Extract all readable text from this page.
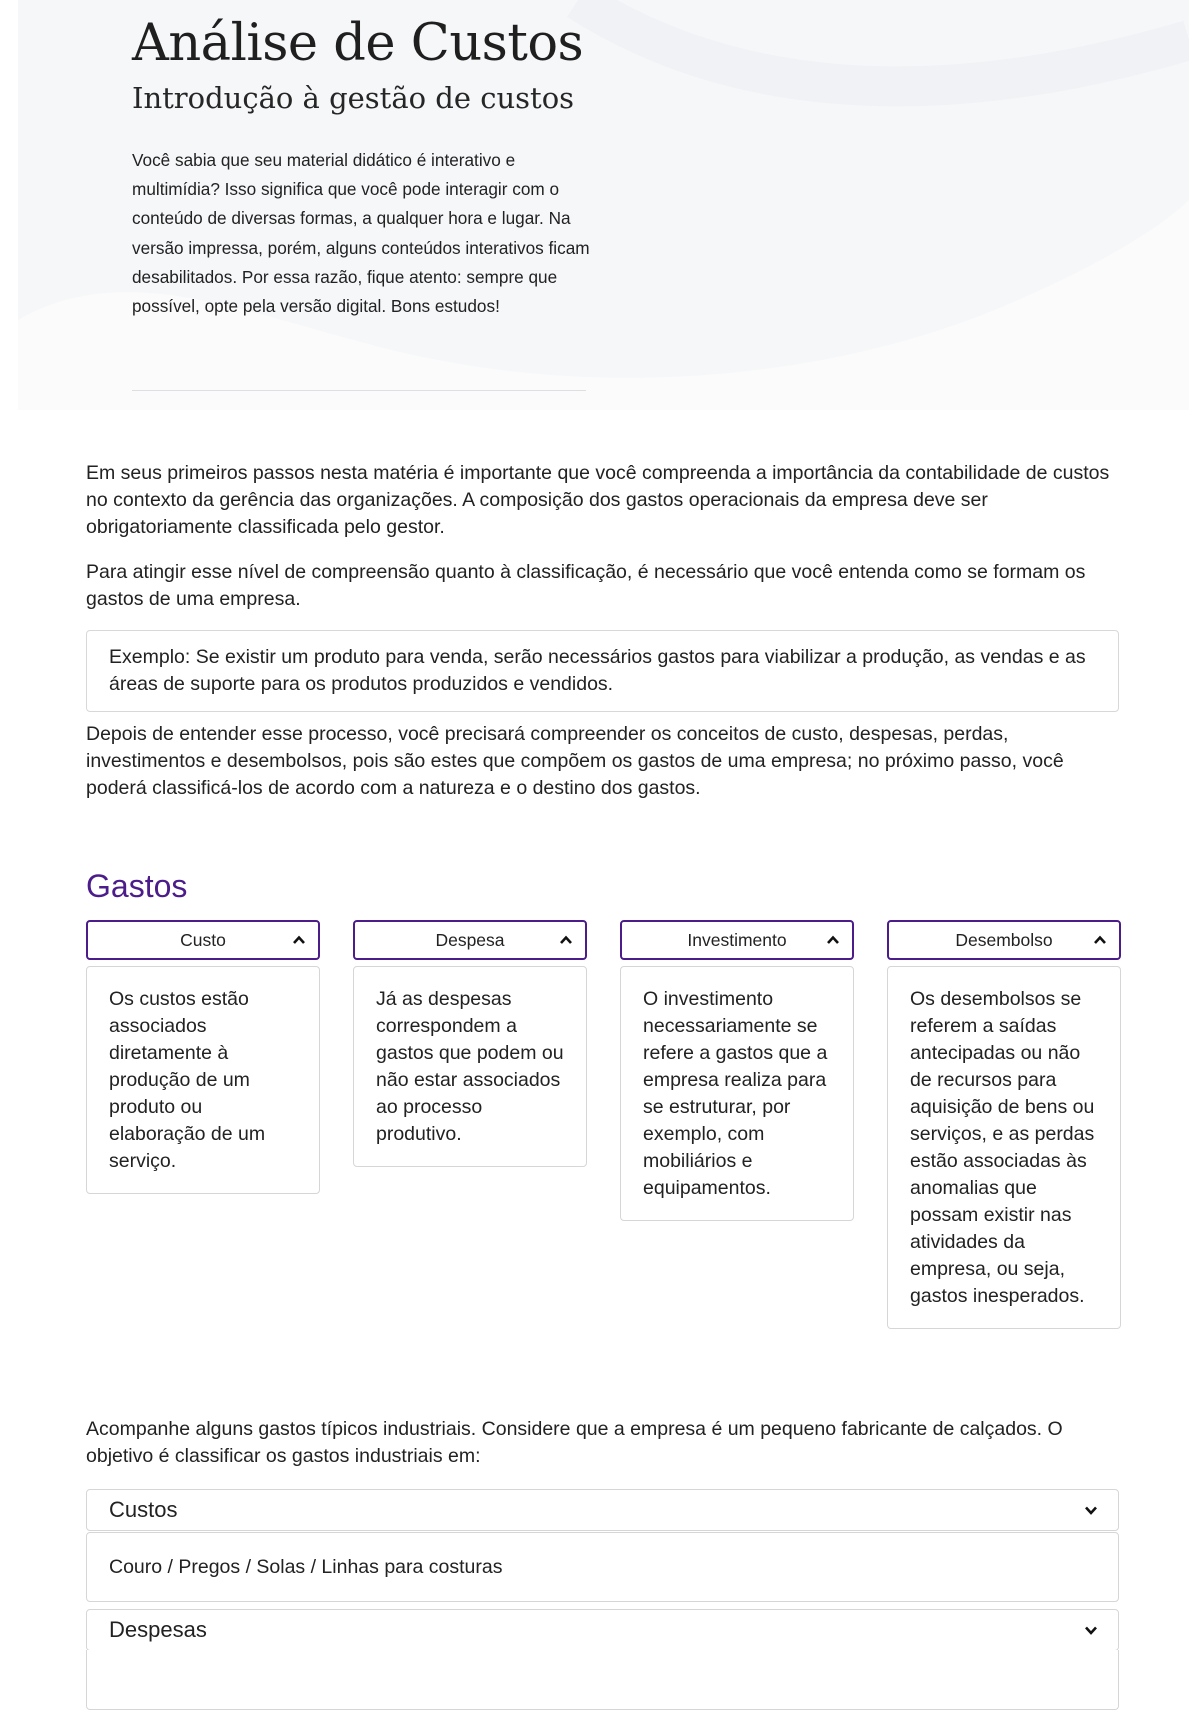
Análise de Custos
Introdução à gestão de custos

Você sabia que seu material didático é interativo e multimídia? Isso significa que você pode interagir com o conteúdo de diversas formas, a qualquer hora e lugar. Na versão impressa, porém, alguns conteúdos interativos ficam desabilitados. Por essa razão, fique atento: sempre que possível, opte pela versão digital. Bons estudos!

Em seus primeiros passos nesta matéria é importante que você compreenda a importância da contabilidade de custos no contexto da gerência das organizações. A composição dos gastos operacionais da empresa deve ser obrigatoriamente classificada pelo gestor.

Para atingir esse nível de compreensão quanto à classificação, é necessário que você entenda como se formam os gastos de uma empresa.

Exemplo: Se existir um produto para venda, serão necessários gastos para viabilizar a produção, as vendas e as áreas de suporte para os produtos produzidos e vendidos.

Depois de entender esse processo, você precisará compreender os conceitos de custo, despesas, perdas, investimentos e desembolsos, pois são estes que compõem os gastos de uma empresa; no próximo passo, você poderá classificá-los de acordo com a natureza e o destino dos gastos.

Gastos
Custo	Despesa	Investimento	Desembolso
Os custos estão associados diretamente à produção de um produto ou elaboração de um serviço.
Já as despesas correspondem a gastos que podem ou não estar associados ao processo produtivo.
O investimento necessariamente se refere a gastos que a empresa realiza para se estruturar, por exemplo, com mobiliários e equipamentos.
Os desembolsos se referem a saídas antecipadas ou não de recursos para aquisição de bens ou serviços, e as perdas estão associadas às anomalias que possam existir nas atividades da empresa, ou seja, gastos inesperados.

Acompanhe alguns gastos típicos industriais. Considere que a empresa é um pequeno fabricante de calçados. O objetivo é classificar os gastos industriais em:

Custos
Couro / Pregos / Solas / Linhas para costuras
Despesas
